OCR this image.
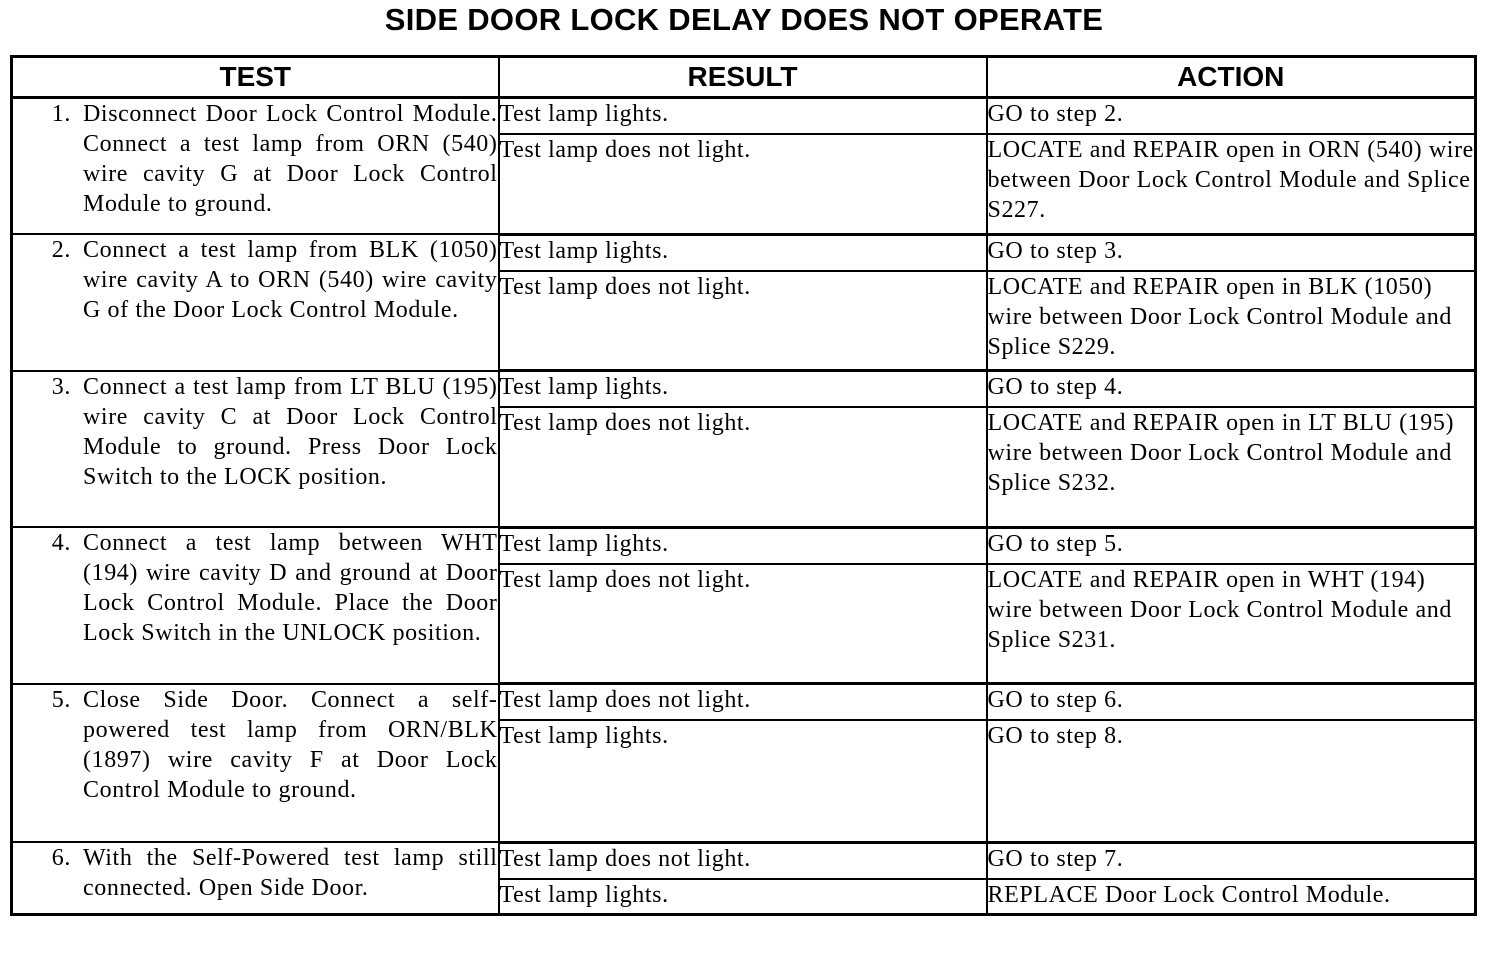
SIDE DOOR LOCK DELAY DOES NOT OPERATE
TEST	RESULT	ACTION

1. Disconnect Door Lock Control Module. Connect a test lamp from ORN (540) wire cavity G at Door Lock Control Module to ground.	Test lamp lights.	GO to step 2.
	Test lamp does not light.	LOCATE and REPAIR open in ORN (540) wire between Door Lock Control Module and Splice S227.

2. Connect a test lamp from BLK (1050) wire cavity A to ORN (540) wire cavity G of the Door Lock Control Module.	Test lamp lights.	GO to step 3.
	Test lamp does not light.	LOCATE and REPAIR open in BLK (1050) wire between Door Lock Control Module and Splice S229.

3. Connect a test lamp from LT BLU (195) wire cavity C at Door Lock Control Module to ground. Press Door Lock Switch to the LOCK position.	Test lamp lights.	GO to step 4.
	Test lamp does not light.	LOCATE and REPAIR open in LT BLU (195) wire between Door Lock Control Module and Splice S232.

4. Connect a test lamp between WHT (194) wire cavity D and ground at Door Lock Control Module. Place the Door Lock Switch in the UNLOCK position.	Test lamp lights.	GO to step 5.
	Test lamp does not light.	LOCATE and REPAIR open in WHT (194) wire between Door Lock Control Module and Splice S231.

5. Close Side Door. Connect a self-powered test lamp from ORN/BLK (1897) wire cavity F at Door Lock Control Module to ground.	Test lamp does not light.	GO to step 6.
	Test lamp lights.	GO to step 8.

6. With the Self-Powered test lamp still connected. Open Side Door.	Test lamp does not light.	GO to step 7.
	Test lamp lights.	REPLACE Door Lock Control Module.
